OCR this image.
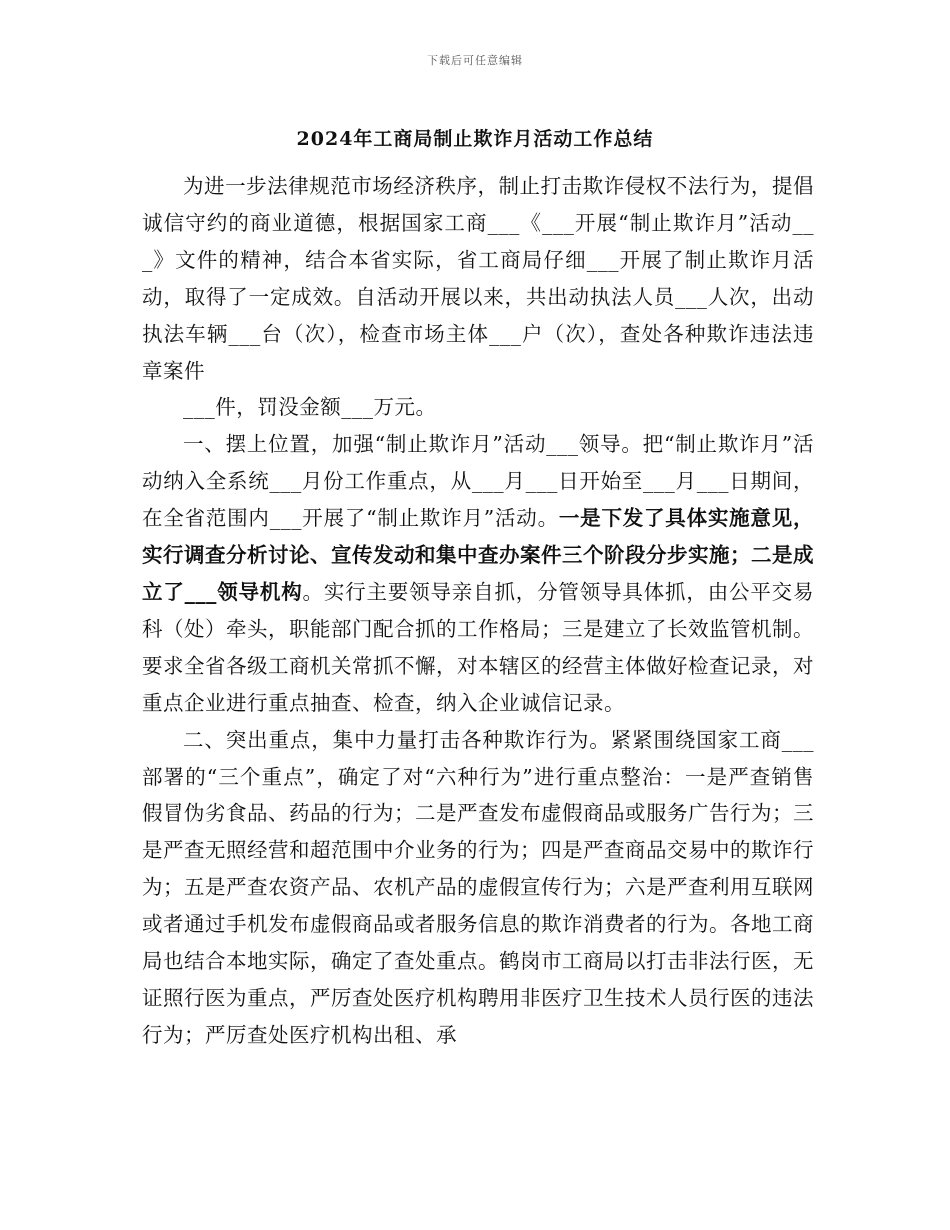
下载后可任意编辑
2024年工商局制止欺诈月活动工作总结

为进一步法律规范市场经济秩序，制止打击欺诈侵权不法行为，提倡诚信守约的商业道德，根据国家工商___《___开展“制止欺诈月”活动___》文件的精神，结合本省实际，省工商局仔细___开展了制止欺诈月活动，取得了一定成效。自活动开展以来，共出动执法人员___人次，出动执法车辆___台（次），检查市场主体___户（次），查处各种欺诈违法违章案件

___件，罚没金额___万元。

一、摆上位置，加强“制止欺诈月”活动___领导。把“制止欺诈月”活动纳入全系统___月份工作重点，从___月___日开始至___月___日期间，在全省范围内___开展了“制止欺诈月”活动。一是下发了具体实施意见，实行调查分析讨论、宣传发动和集中查办案件三个阶段分步实施；二是成立了___领导机构。实行主要领导亲自抓，分管领导具体抓，由公平交易科（处）牵头，职能部门配合抓的工作格局；三是建立了长效监管机制。要求全省各级工商机关常抓不懈，对本辖区的经营主体做好检查记录，对重点企业进行重点抽查、检查，纳入企业诚信记录。

二、突出重点，集中力量打击各种欺诈行为。紧紧围绕国家工商___部署的“三个重点”，确定了对“六种行为”进行重点整治：一是严查销售假冒伪劣食品、药品的行为；二是严查发布虚假商品或服务广告行为；三是严查无照经营和超范围中介业务的行为；四是严查商品交易中的欺诈行为；五是严查农资产品、农机产品的虚假宣传行为；六是严查利用互联网或者通过手机发布虚假商品或者服务信息的欺诈消费者的行为。各地工商局也结合本地实际，确定了查处重点。鹤岗市工商局以打击非法行医，无证照行医为重点，严厉查处医疗机构聘用非医疗卫生技术人员行医的违法行为；严厉查处医疗机构出租、承
